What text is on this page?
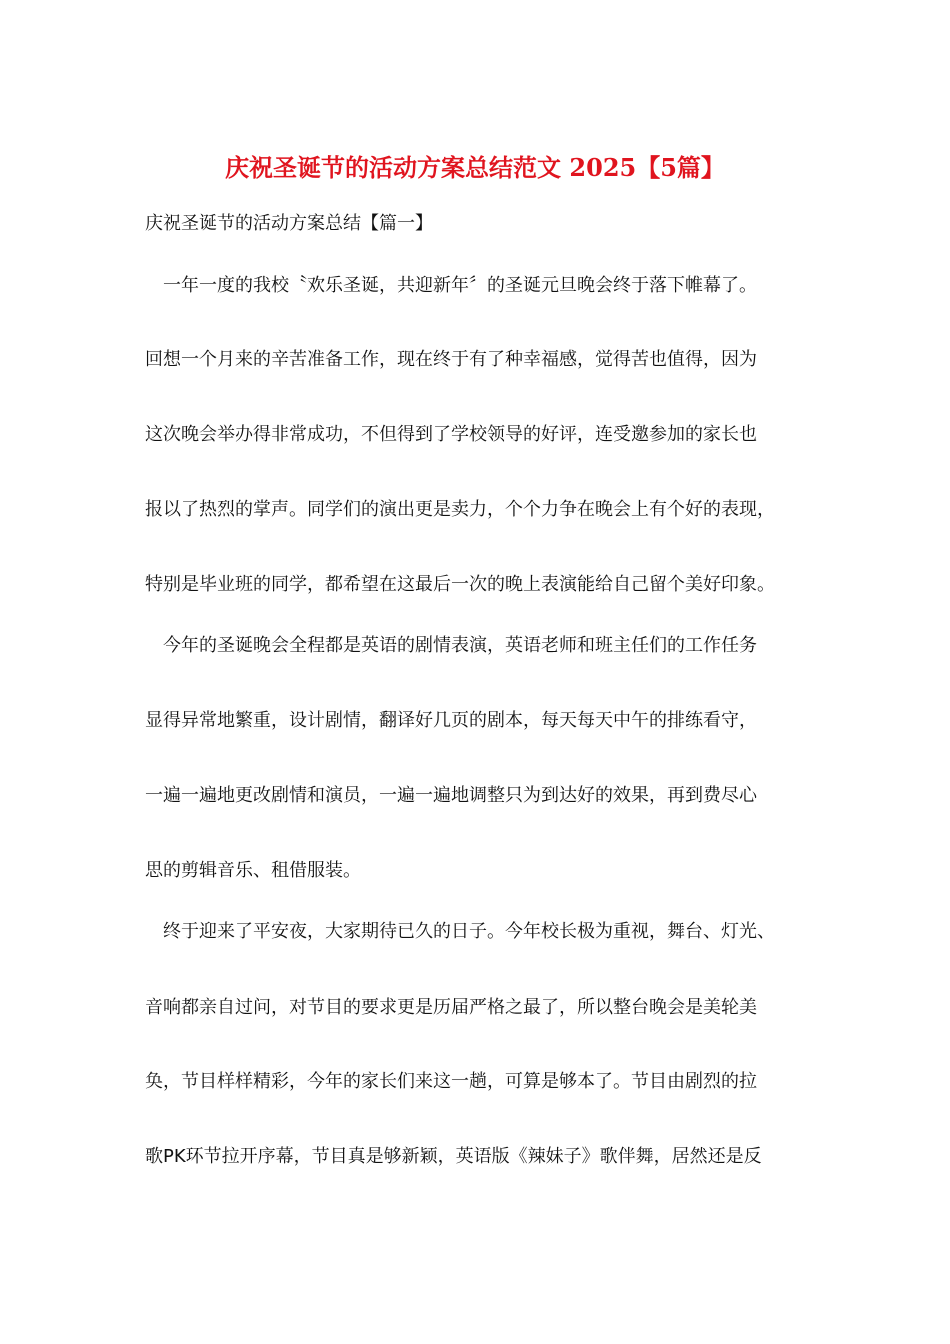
庆祝圣诞节的活动方案总结范文 2025【5篇】

庆祝圣诞节的活动方案总结【篇一】

一年一度的我校〝欢乐圣诞，共迎新年〞的圣诞元旦晚会终于落下帷幕了。

回想一个月来的辛苦准备工作，现在终于有了种幸福感，觉得苦也值得，因为

这次晚会举办得非常成功，不但得到了学校领导的好评，连受邀参加的家长也

报以了热烈的掌声。同学们的演出更是卖力，个个力争在晚会上有个好的表现，

特别是毕业班的同学，都希望在这最后一次的晚上表演能给自己留个美好印象。

今年的圣诞晚会全程都是英语的剧情表演，英语老师和班主任们的工作任务

显得异常地繁重，设计剧情，翻译好几页的剧本，每天每天中午的排练看守，

一遍一遍地更改剧情和演员，一遍一遍地调整只为到达好的效果，再到费尽心

思的剪辑音乐、租借服装。

终于迎来了平安夜，大家期待已久的日子。今年校长极为重视，舞台、灯光、

音响都亲自过问，对节目的要求更是历届严格之最了，所以整台晚会是美轮美

奂，节目样样精彩，今年的家长们来这一趟，可算是够本了。节目由剧烈的拉

歌PK环节拉开序幕，节目真是够新颖，英语版《辣妹子》歌伴舞，居然还是反
